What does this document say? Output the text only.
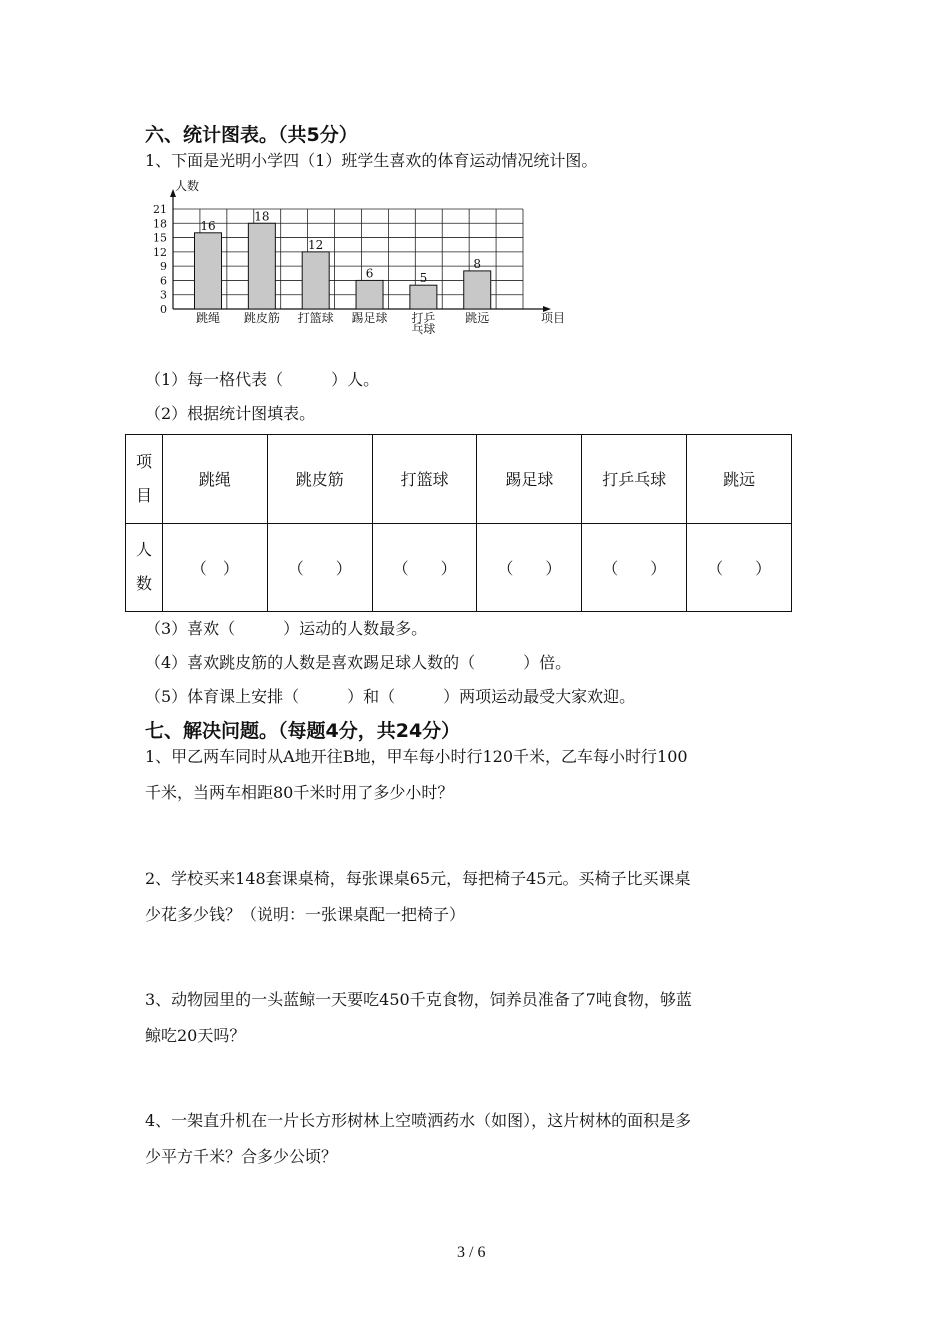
六、统计图表。（共5分）
1、下面是光明小学四（1）班学生喜欢的体育运动情况统计图。
0
3
6
9
12
15
18
21
人数
项目
16
跳绳
18
跳皮筋
12
打篮球
6
踢足球
5
打乒
乓球
8
跳远
（1）每一格代表（　　　）人。
（2）根据统计图填表。
项
目	跳绳	跳皮筋	打篮球	踢足球	打乒乓球	跳远

人
数	（　）	（　　）	（　　）	（　　）	（　　）	（　　）
（3）喜欢（　　　）运动的人数最多。
（4）喜欢跳皮筋的人数是喜欢踢足球人数的（　　　）倍。
（5）体育课上安排（　　　）和（　　　）两项运动最受大家欢迎。
七、解决问题。（每题4分，共24分）
1、甲乙两车同时从A地开往B地，甲车每小时行120千米，乙车每小时行100
千米，当两车相距80千米时用了多少小时？
2、学校买来148套课桌椅，每张课桌65元，每把椅子45元。买椅子比买课桌
少花多少钱？（说明：一张课桌配一把椅子）
3、动物园里的一头蓝鲸一天要吃450千克食物，饲养员准备了7吨食物，够蓝
鲸吃20天吗？
4、一架直升机在一片长方形树林上空喷洒药水（如图），这片树林的面积是多
少平方千米？合多少公顷？
3 / 6
